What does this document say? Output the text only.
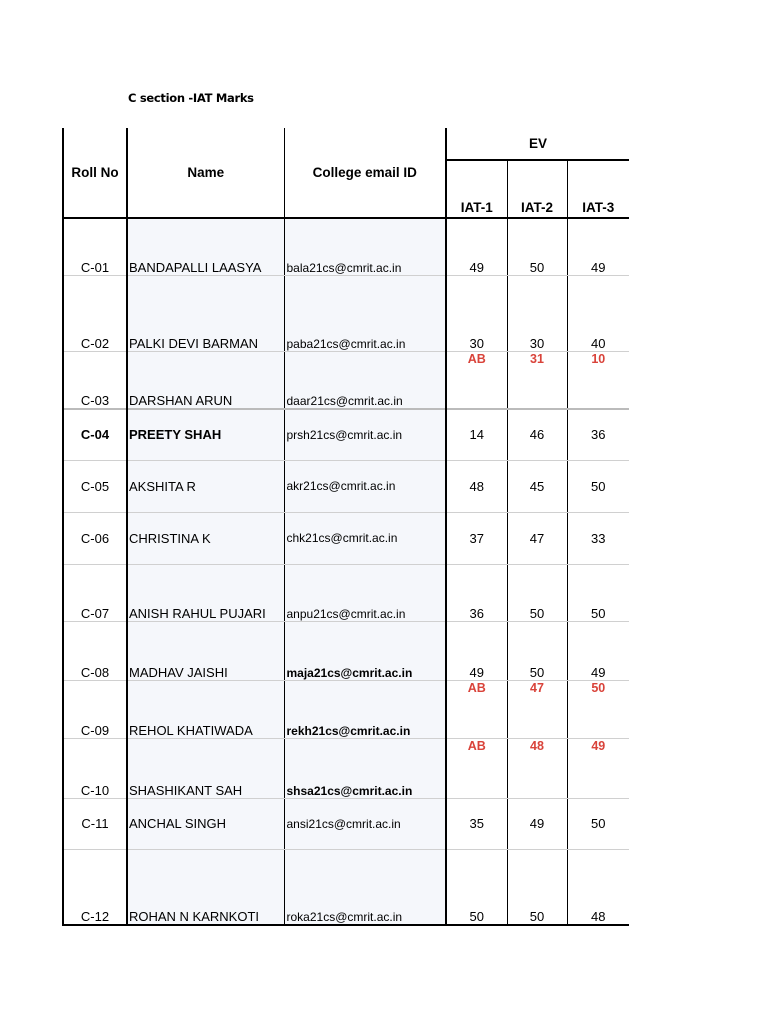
C section -IAT Marks
Roll No	Name	College email ID	EV		
			IAT-1	IAT-2	IAT-3
C-01	BANDAPALLI LAASYA	bala21cs@cmrit.ac.in	49	50	49
C-02	PALKI DEVI BARMAN	paba21cs@cmrit.ac.in	30	30	40
C-03	DARSHAN ARUN	daar21cs@cmrit.ac.in	AB	31	10
C-04	PREETY SHAH	prsh21cs@cmrit.ac.in	14	46	36
C-05	AKSHITA R	akr21cs@cmrit.ac.in	48	45	50
C-06	CHRISTINA K	chk21cs@cmrit.ac.in	37	47	33
C-07	ANISH RAHUL PUJARI	anpu21cs@cmrit.ac.in	36	50	50
C-08	MADHAV JAISHI	maja21cs@cmrit.ac.in	49	50	49
C-09	REHOL KHATIWADA	rekh21cs@cmrit.ac.in	AB	47	50
C-10	SHASHIKANT SAH	shsa21cs@cmrit.ac.in	AB	48	49
C-11	ANCHAL SINGH	ansi21cs@cmrit.ac.in	35	49	50
C-12	ROHAN N KARNKOTI	roka21cs@cmrit.ac.in	50	50	48
